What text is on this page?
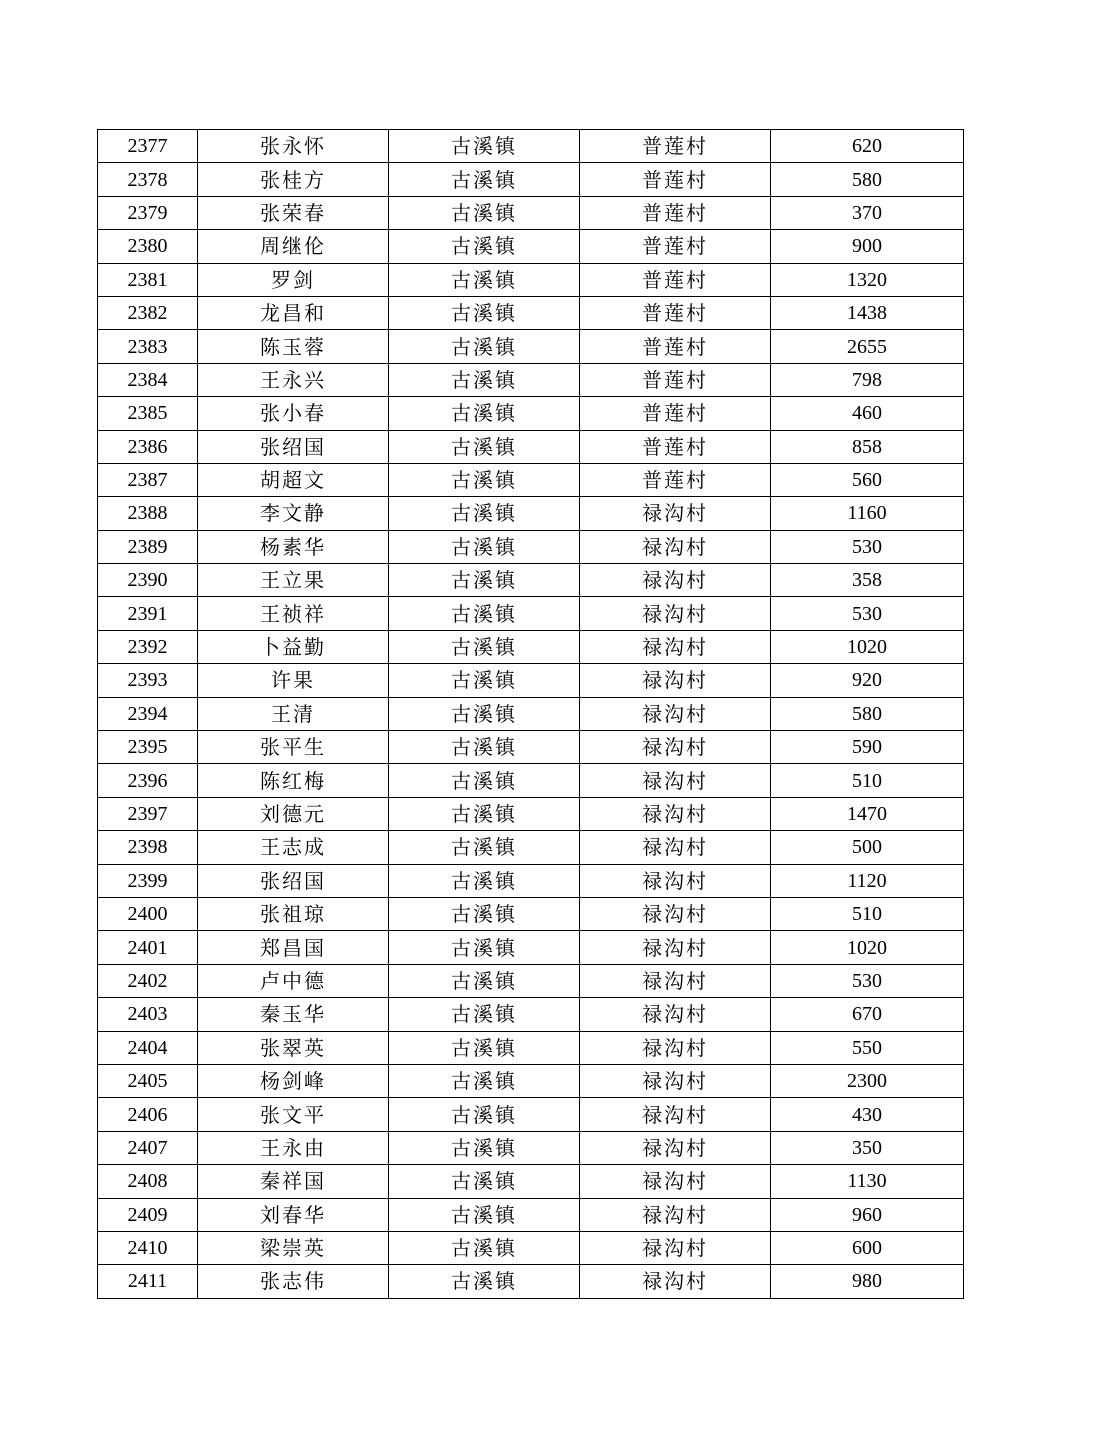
2377	张永怀	古溪镇	普莲村	620
2378	张桂方	古溪镇	普莲村	580
2379	张荣春	古溪镇	普莲村	370
2380	周继伦	古溪镇	普莲村	900
2381	罗剑	古溪镇	普莲村	1320
2382	龙昌和	古溪镇	普莲村	1438
2383	陈玉蓉	古溪镇	普莲村	2655
2384	王永兴	古溪镇	普莲村	798
2385	张小春	古溪镇	普莲村	460
2386	张绍国	古溪镇	普莲村	858
2387	胡超文	古溪镇	普莲村	560
2388	李文静	古溪镇	禄沟村	1160
2389	杨素华	古溪镇	禄沟村	530
2390	王立果	古溪镇	禄沟村	358
2391	王祯祥	古溪镇	禄沟村	530
2392	卜益勤	古溪镇	禄沟村	1020
2393	许果	古溪镇	禄沟村	920
2394	王清	古溪镇	禄沟村	580
2395	张平生	古溪镇	禄沟村	590
2396	陈红梅	古溪镇	禄沟村	510
2397	刘德元	古溪镇	禄沟村	1470
2398	王志成	古溪镇	禄沟村	500
2399	张绍国	古溪镇	禄沟村	1120
2400	张祖琼	古溪镇	禄沟村	510
2401	郑昌国	古溪镇	禄沟村	1020
2402	卢中德	古溪镇	禄沟村	530
2403	秦玉华	古溪镇	禄沟村	670
2404	张翠英	古溪镇	禄沟村	550
2405	杨剑峰	古溪镇	禄沟村	2300
2406	张文平	古溪镇	禄沟村	430
2407	王永由	古溪镇	禄沟村	350
2408	秦祥国	古溪镇	禄沟村	1130
2409	刘春华	古溪镇	禄沟村	960
2410	梁崇英	古溪镇	禄沟村	600
2411	张志伟	古溪镇	禄沟村	980
